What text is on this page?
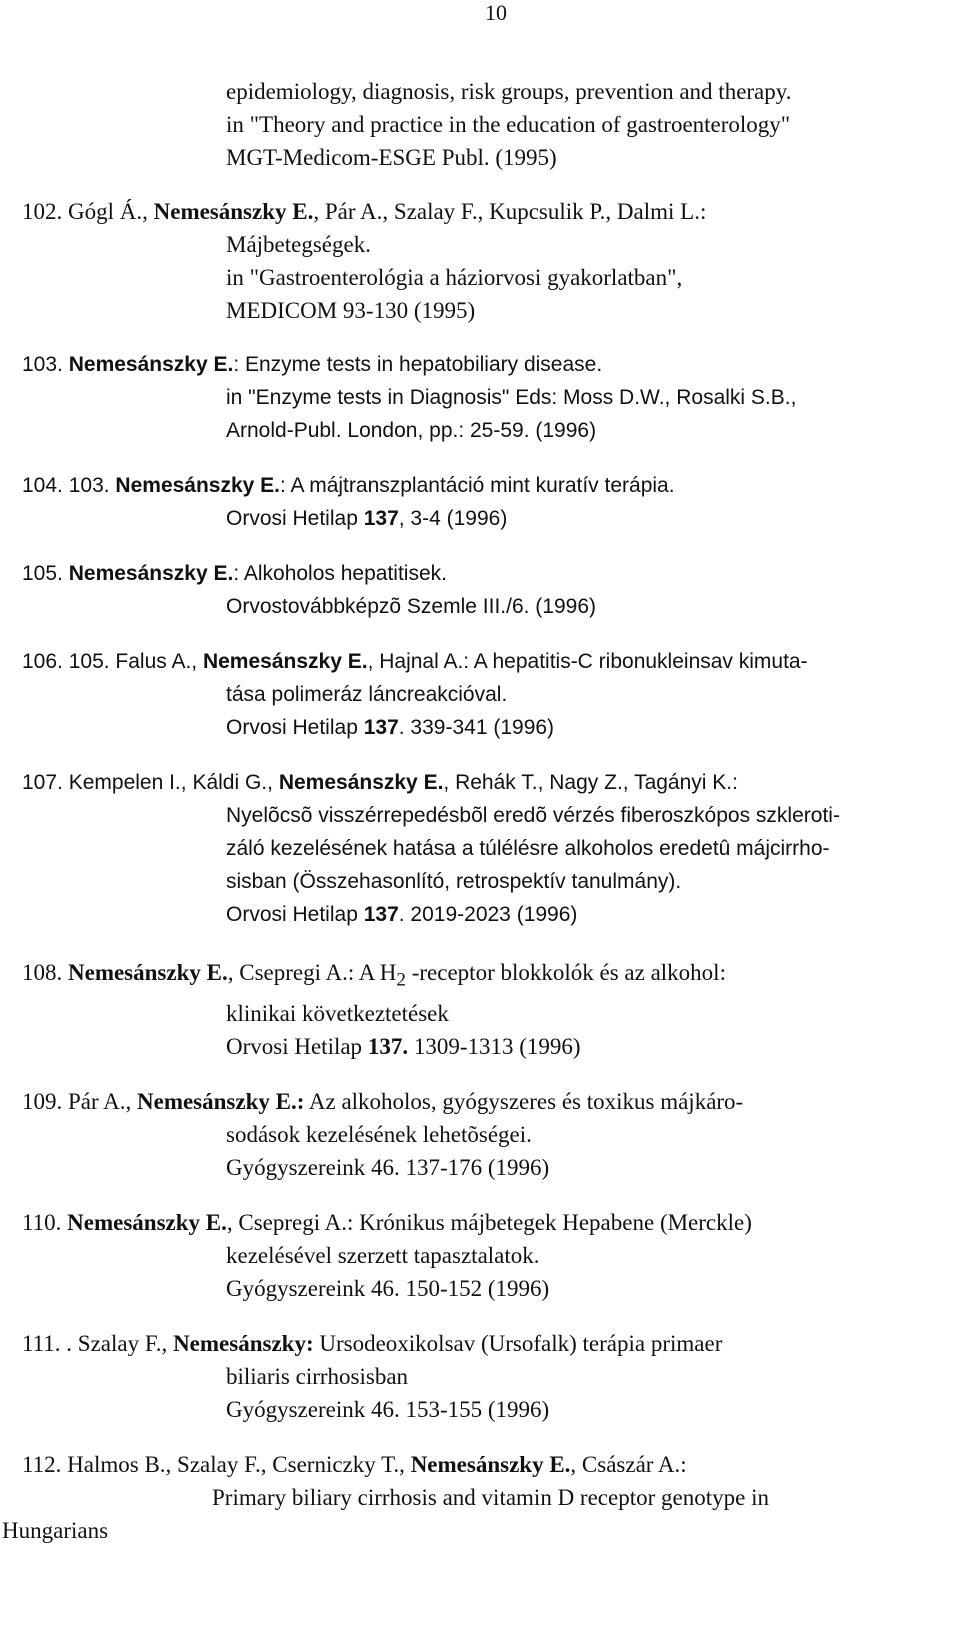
10
epidemiology, diagnosis, risk groups, prevention and therapy.
in "Theory and practice in the education of gastroenterology"
MGT-Medicom-ESGE Publ. (1995)
102. Gógl Á., Nemesánszky E., Pár A., Szalay F., Kupcsulik P., Dalmi L.:
Májbetegségek.
in "Gastroenterológia a háziorvosi gyakorlatban",
MEDICOM 93-130 (1995)
103. Nemesánszky E.: Enzyme tests in hepatobiliary disease.
in "Enzyme tests in Diagnosis" Eds: Moss D.W., Rosalki S.B.,
Arnold-Publ. London, pp.: 25-59. (1996)
104. 103. Nemesánszky E.: A májtranszplantáció mint kuratív terápia.
Orvosi Hetilap 137, 3-4 (1996)
105. Nemesánszky E.: Alkoholos hepatitisek.
Orvostovábbképzõ Szemle III./6. (1996)
106. 105. Falus A., Nemesánszky E., Hajnal A.: A hepatitis-C ribonukleinsav kimuta-
tása polimeráz láncreakcióval.
Orvosi Hetilap 137. 339-341 (1996)
107. Kempelen I., Káldi G., Nemesánszky E., Rehák T., Nagy Z., Tagányi K.:
Nyelõcsõ visszérrepedésbõl eredõ vérzés fiberoszkópos szkleroti-
záló kezelésének hatása a túlélésre alkoholos eredetû májcirrho-
sisban (Összehasonlító, retrospektív tanulmány).
Orvosi Hetilap 137. 2019-2023 (1996)
108. Nemesánszky E., Csepregi A.: A $H_2$ -receptor blokkolók és az alkohol:
klinikai következtetések
Orvosi Hetilap 137. 1309-1313 (1996)
109. Pár A., Nemesánszky E.: Az alkoholos, gyógyszeres és toxikus májkáro-
sodások kezelésének lehetõségei.
Gyógyszereink 46. 137-176 (1996)
110. Nemesánszky E., Csepregi A.: Krónikus májbetegek Hepabene (Merckle)
kezelésével szerzett tapasztalatok.
Gyógyszereink 46. 150-152 (1996)
111. . Szalay F., Nemesánszky: Ursodeoxikolsav (Ursofalk) terápia primaer
biliaris cirrhosisban
Gyógyszereink 46. 153-155 (1996)
112. Halmos B., Szalay F., Cserniczky T., Nemesánszky E., Császár A.:
Primary biliary cirrhosis and vitamin D receptor genotype in
Hungarians
